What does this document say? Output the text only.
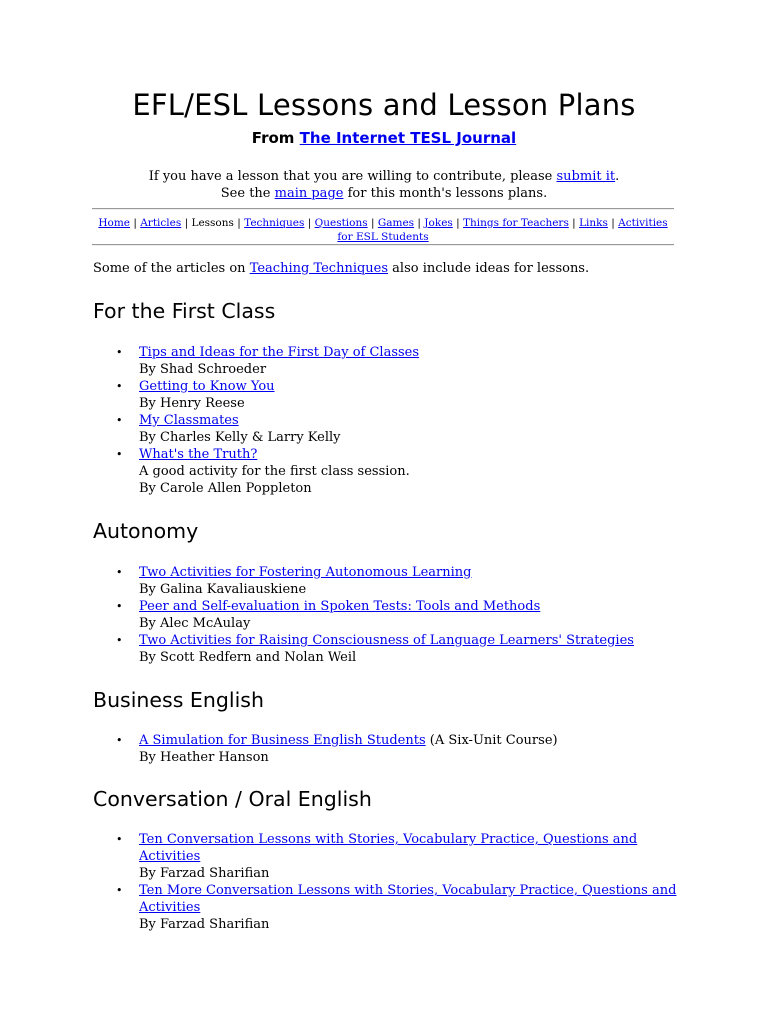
EFL/ESL Lessons and Lesson Plans
From The Internet TESL Journal
If you have a lesson that you are willing to contribute, please submit it.
See the main page for this month's lessons plans.
Home | Articles | Lessons | Techniques | Questions | Games | Jokes | Things for Teachers | Links | Activities for ESL Students
Some of the articles on Teaching Techniques also include ideas for lessons.
For the First Class
• Tips and Ideas for the First Day of Classes
By Shad Schroeder
• Getting to Know You
By Henry Reese
• My Classmates
By Charles Kelly & Larry Kelly
• What's the Truth?
A good activity for the first class session.
By Carole Allen Poppleton
Autonomy
• Two Activities for Fostering Autonomous Learning
By Galina Kavaliauskiene
• Peer and Self-evaluation in Spoken Tests: Tools and Methods
By Alec McAulay
• Two Activities for Raising Consciousness of Language Learners' Strategies
By Scott Redfern and Nolan Weil
Business English
• A Simulation for Business English Students (A Six-Unit Course)
By Heather Hanson
Conversation / Oral English
• Ten Conversation Lessons with Stories, Vocabulary Practice, Questions and
Activities
By Farzad Sharifian
• Ten More Conversation Lessons with Stories, Vocabulary Practice, Questions and
Activities
By Farzad Sharifian
